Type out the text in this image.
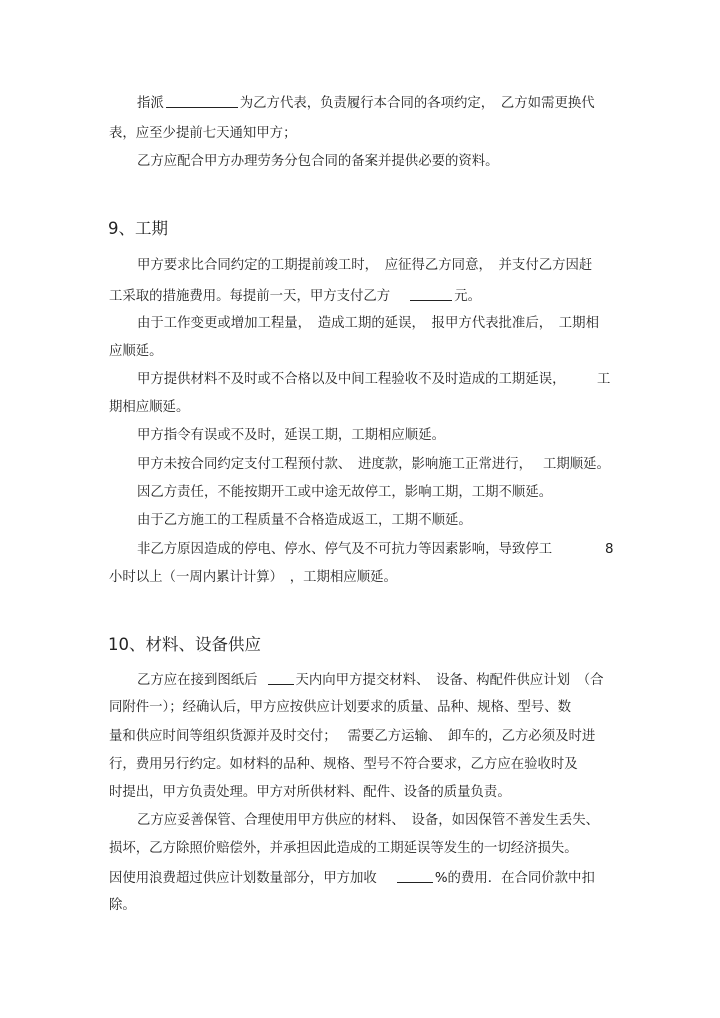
指派	为乙方代表，负责履行本合同的各项约定，　乙方如需更换代
表，应至少提前七天通知甲方；
乙方应配合甲方办理劳务分包合同的备案并提供必要的资料。
9、工期
甲方要求比合同约定的工期提前竣工时，　应征得乙方同意，　并支付乙方因赶
工采取的措施费用。每提前一天，甲方支付乙方	元。
由于工作变更或增加工程量，　造成工期的延误，　报甲方代表批准后，　工期相
应顺延。
甲方提供材料不及时或不合格以及中间工程验收不及时造成的工期延误， 工
期相应顺延。
甲方指令有误或不及时，延误工期，工期相应顺延。
甲方未按合同约定支付工程预付款、　进度款，影响施工正常进行， 工期顺延。
因乙方责任，不能按期开工或中途无故停工，影响工期，工期不顺延。
由于乙方施工的工程质量不合格造成返工，工期不顺延。
非乙方原因造成的停电、停水、停气及不可抗力等因素影响，导致停工	8
小时以上（一周内累计计算）　，工期相应顺延。
10、材料、设备供应
乙方应在接到图纸后	天内向甲方提交材料、　设备、构配件供应计划　（合
同附件一）；经确认后，甲方应按供应计划要求的质量、品种、规格、型号、数
量和供应时间等组织货源并及时交付；　 需要乙方运输、　卸车的，乙方必须及时进
行，费用另行约定。如材料的品种、规格、型号不符合要求，乙方应在验收时及
时提出，甲方负责处理。甲方对所供材料、配件、设备的质量负责。
乙方应妥善保管、合理使用甲方供应的材料、　设备，如因保管不善发生丢失、
损坏，乙方除照价赔偿外，并承担因此造成的工期延误等发生的一切经济损失。
因使用浪费超过供应计划数量部分，甲方加收	%的费用．在合同价款中扣
除。
